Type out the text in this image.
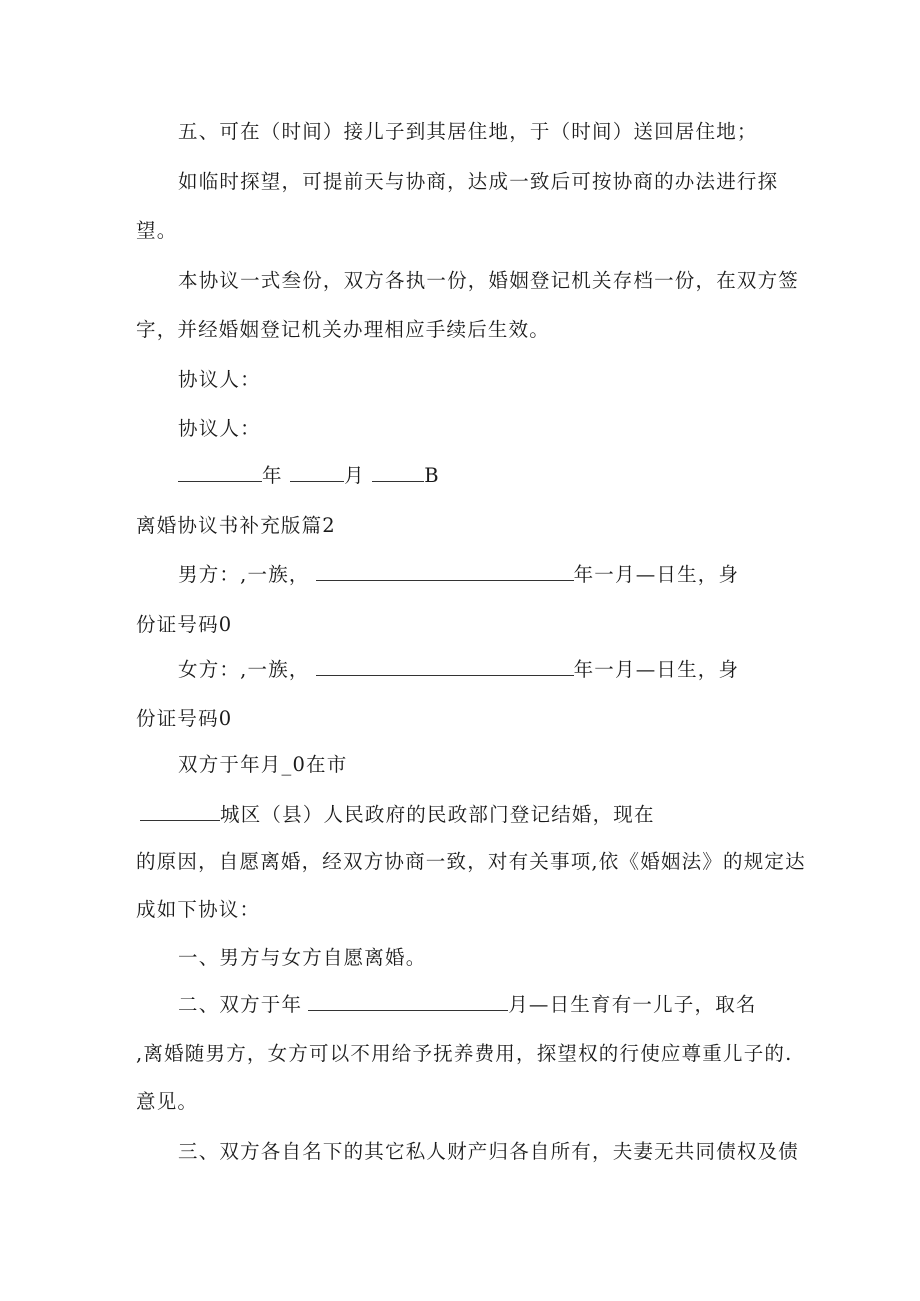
五、可在（时间）接儿子到其居住地，于（时间）送回居住地；
如临时探望，可提前天与协商，达成一致后可按协商的办法进行探
望。
本协议一式叁份，双方各执一份，婚姻登记机关存档一份，在双方签
字，并经婚姻登记机关办理相应手续后生效。
协议人：
协议人：
年	月	B
离婚协议书补充版篇2
男方：,一族，	年一月—日生，身
份证号码0
女方：,一族，	年一月—日生，身
份证号码0
双方于年月_0在市
城区（县）人民政府的民政部门登记结婚，现在
的原因，自愿离婚，经双方协商一致，对有关事项,依《婚姻法》的规定达
成如下协议：
一、男方与女方自愿离婚。
二、双方于年	月—日生育有一儿子，取名
,离婚随男方，女方可以不用给予抚养费用，探望权的行使应尊重儿子的.
意见。
三、双方各自名下的其它私人财产归各自所有，夫妻无共同债权及债
